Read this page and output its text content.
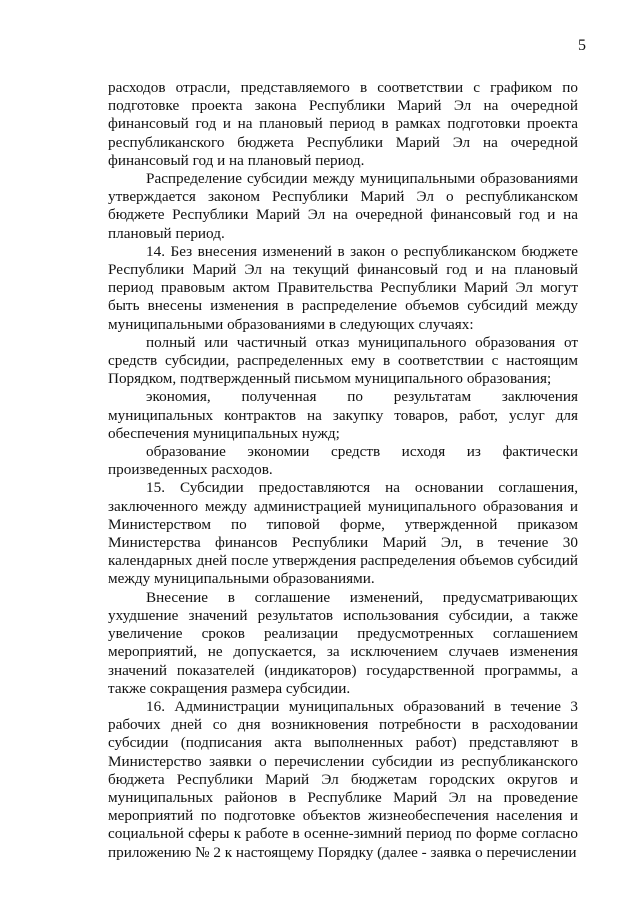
5

расходов отрасли, представляемого в соответствии с графиком по подготовке проекта закона Республики Марий Эл на очередной финансовый год и на плановый период в рамках подготовки проекта республиканского бюджета Республики Марий Эл на очередной финансовый год и на плановый период.

Распределение субсидии между муниципальными образованиями утверждается законом Республики Марий Эл о республиканском бюджете Республики Марий Эл на очередной финансовый год и на плановый период.

14. Без внесения изменений в закон о республиканском бюджете Республики Марий Эл на текущий финансовый год и на плановый период правовым актом Правительства Республики Марий Эл могут быть внесены изменения в распределение объемов субсидий между муниципальными образованиями в следующих случаях:

полный или частичный отказ муниципального образования от средств субсидии, распределенных ему в соответствии с настоящим Порядком, подтвержденный письмом муниципального образования;

экономия, полученная по результатам заключения муниципальных контрактов на закупку товаров, работ, услуг для обеспечения муниципальных нужд;

образование экономии средств исходя из фактически произведенных расходов.

15. Субсидии предоставляются на основании соглашения, заключенного между администрацией муниципального образования и Министерством по типовой форме, утвержденной приказом Министерства финансов Республики Марий Эл, в течение 30 календарных дней после утверждения распределения объемов субсидий между муниципальными образованиями.

Внесение в соглашение изменений, предусматривающих ухудшение значений результатов использования субсидии, а также увеличение сроков реализации предусмотренных соглашением мероприятий, не допускается, за исключением случаев изменения значений показателей (индикаторов) государственной программы, а также сокращения размера субсидии.

16. Администрации муниципальных образований в течение 3 рабочих дней со дня возникновения потребности в расходовании субсидии (подписания акта выполненных работ) представляют в Министерство заявки о перечислении субсидии из республиканского бюджета Республики Марий Эл бюджетам городских округов и муниципальных районов в Республике Марий Эл на проведение мероприятий по подготовке объектов жизнеобеспечения населения и социальной сферы к работе в осенне-зимний период по форме согласно приложению № 2 к настоящему Порядку (далее - заявка о перечислении
